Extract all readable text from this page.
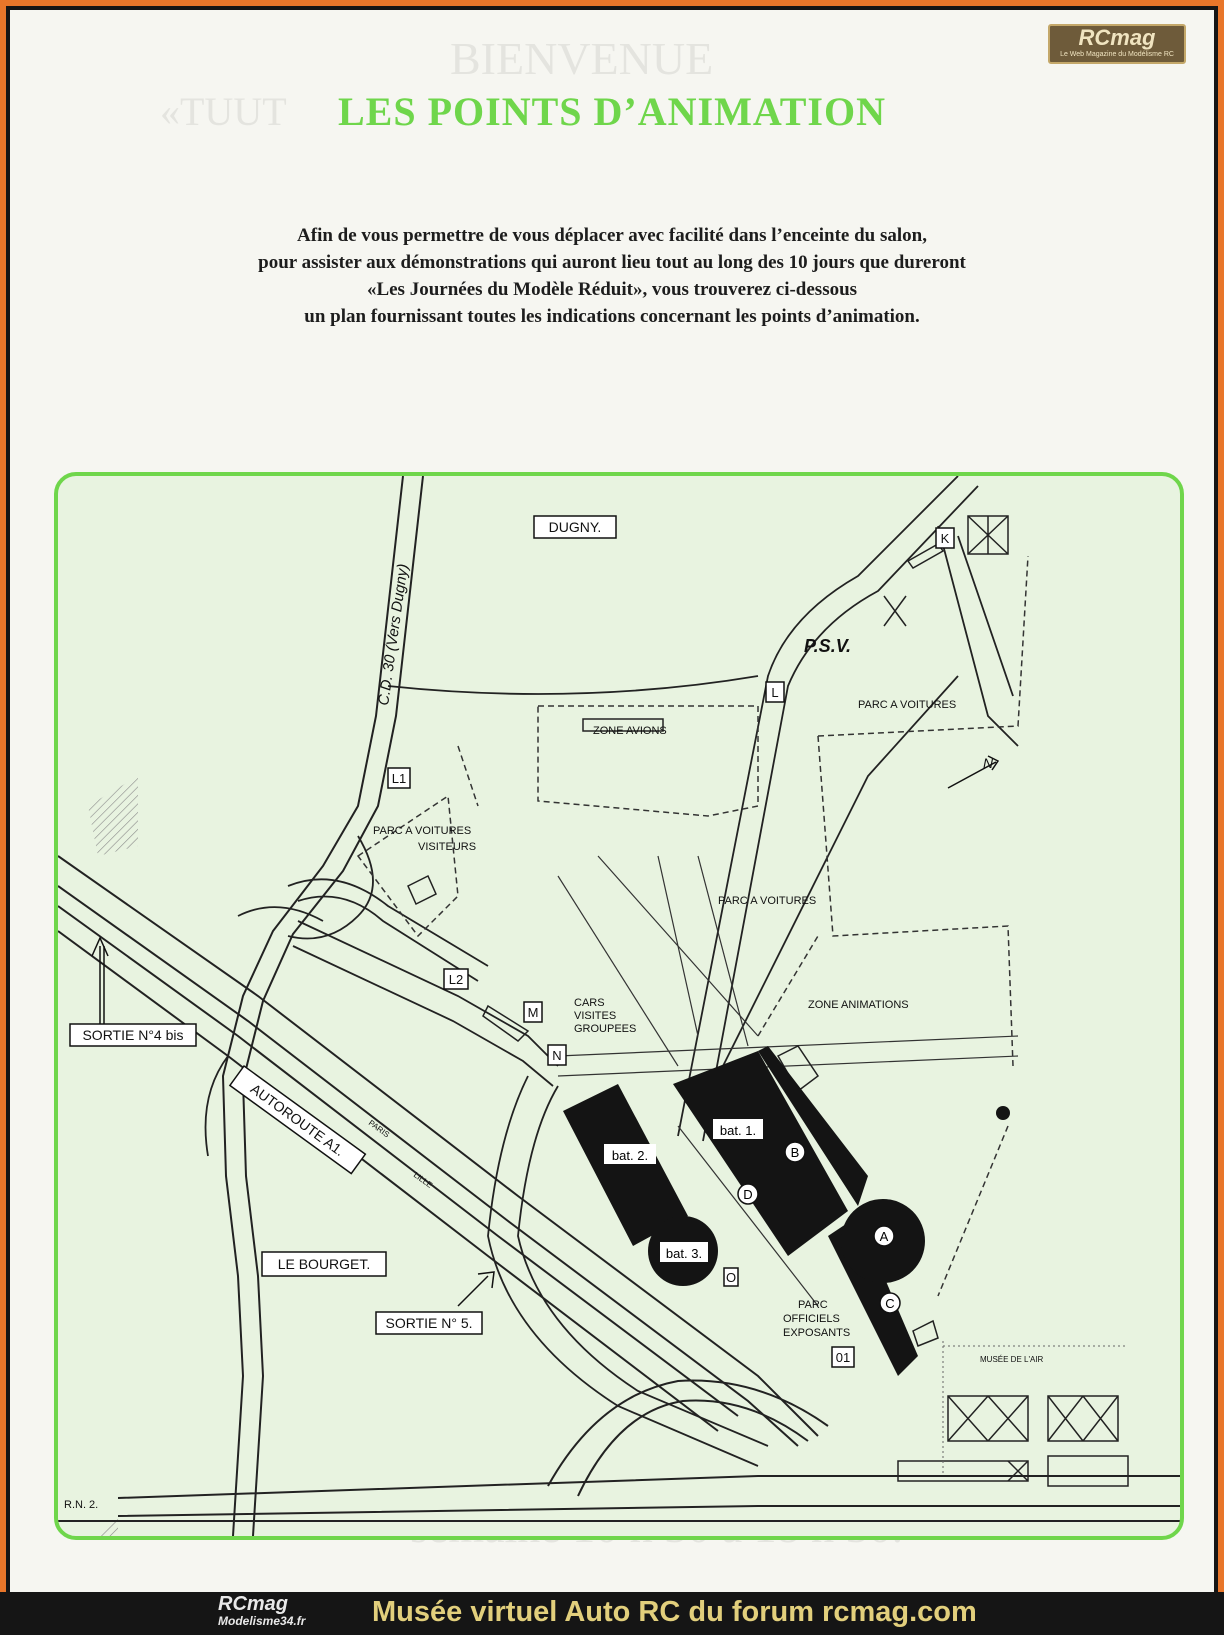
BIENVENUE
«TUUT	LES POINTS D’ANIMATION
Afin de vous permettre de vous déplacer avec facilité dans l’enceinte du salon,
pour assister aux démonstrations qui auront lieu tout au long des 10 jours que dureront
«Les Journées du Modèle Réduit», vous trouverez ci-dessous
un plan fournissant toutes les indications concernant les points d’animation.
RCmag
Le Web Magazine du Modélisme RC
bat. 2.
bat. 1.
bat. 3.
B
D
A
C
K
L
L1
L2
M
N
O
01
DUGNY.
LE BOURGET.
SORTIE N° 5.
SORTIE N°4 bis
AUTOROUTE A1.
C.D. 30 (Vers Dugny)
PARIS
LILLE
ZONE AVIONS
PARC A VOITURES
PARC A VOITURES
VISITEURS
PARC A VOITURES
ZONE ANIMATIONS
CARS
VISITES
GROUPEES
PARC
OFFICIELS
EXPOSANTS
R.N. 2.
MUSÉE DE L'AIR
P.S.V.
N
RCmag
Modelisme34.fr Musée virtuel Auto RC du forum rcmag.com
